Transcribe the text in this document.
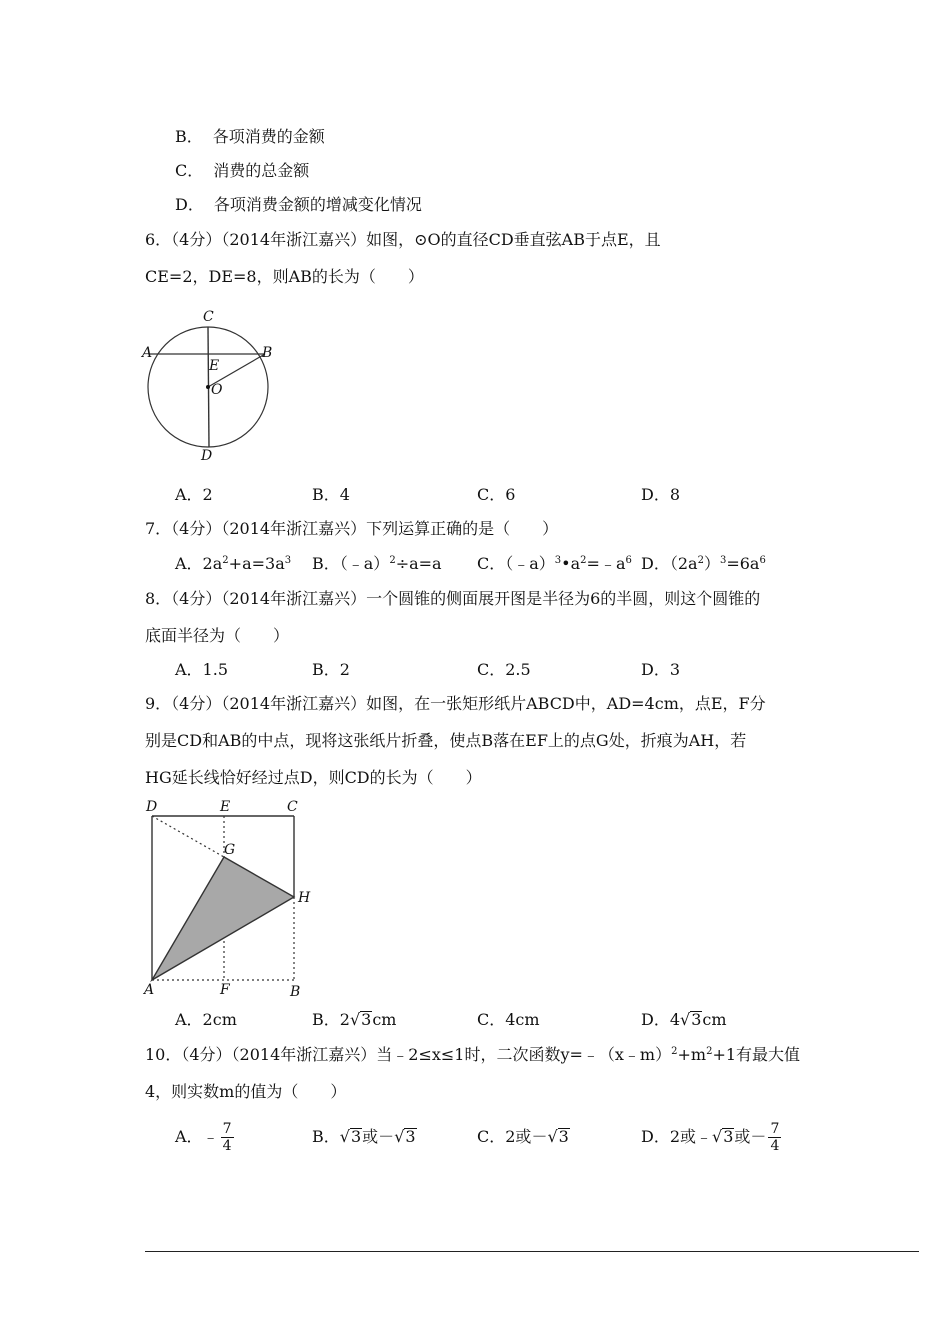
B． 各项消费的金额
C． 消费的总金额
D． 各项消费金额的增减变化情况
6．（4分）（2014年浙江嘉兴）如图，⊙O的直径CD垂直弦AB于点E，且
CE=2，DE=8，则AB的长为（　　）
C
A	B
E
O
D
A．2	B．4	C．6	D．8
7．（4分）（2014年浙江嘉兴）下列运算正确的是（　　）
A．$2a^2+a=3a^3$ B．（﹣a）$^2$÷a=a C．$(﹣a)^3•a^2=﹣a^6$ D．$(2a^2)^3=6a^6$
8．（4分）（2014年浙江嘉兴）一个圆锥的侧面展开图是半径为6的半圆，则这个圆锥的
底面半径为（　　）
A．1.5	B．2	C．2.5	D．3
9．（4分）（2014年浙江嘉兴）如图，在一张矩形纸片ABCD中，AD=4cm，点E，F分
别是CD和AB的中点，现将这张纸片折叠，使点B落在EF上的点G处，折痕为AH，若
HG延长线恰好经过点D，则CD的长为（　　）
D	E	C
G
H
A	F	B
A．2cm	B．2√3cm	C．4cm	D．4√3cm
10．（4分）（2014年浙江嘉兴）当﹣2≤x≤1时，二次函数$y=﹣(x﹣m)^2+m^2+1$有最大值
4，则实数m的值为（　　）
A．﹣ $\frac{7}{4}$	B．√3或－√3	C．2或－√3	D．2或﹣√3或－ $\frac{7}{4}$
